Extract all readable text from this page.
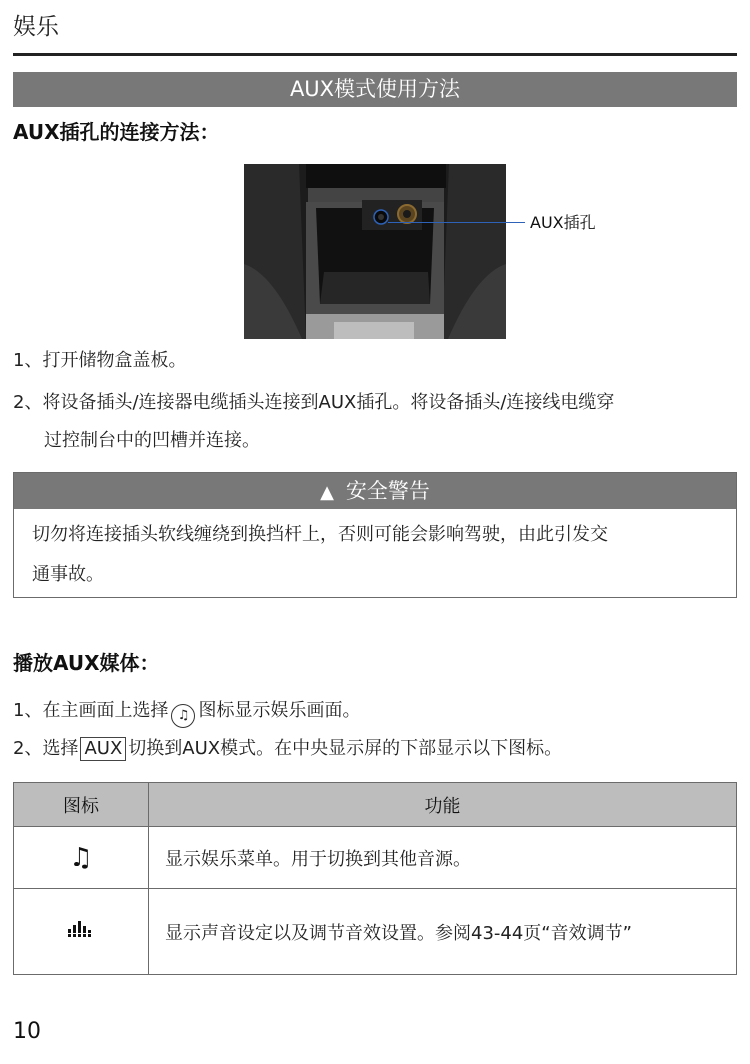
娱乐
AUX模式使用方法
AUX插孔的连接方法：
AUX插孔
1、打开储物盒盖板。
2、将设备插头/连接器电缆插头连接到AUX插孔。将设备插头/连接线电缆穿
过控制台中的凹槽并连接。
▲ 安全警告
切勿将连接插头软线缠绕到换挡杆上，否则可能会影响驾驶，由此引发交
通事故。
播放AUX媒体：
1、在主画面上选择 ♫ 图标显示娱乐画面。
2、选择 AUX 切换到AUX模式。在中央显示屏的下部显示以下图标。
图标	功能
♫	显示娱乐菜单。用于切换到其他音源。
	显示声音设定以及调节音效设置。参阅43-44页“音效调节”
10
